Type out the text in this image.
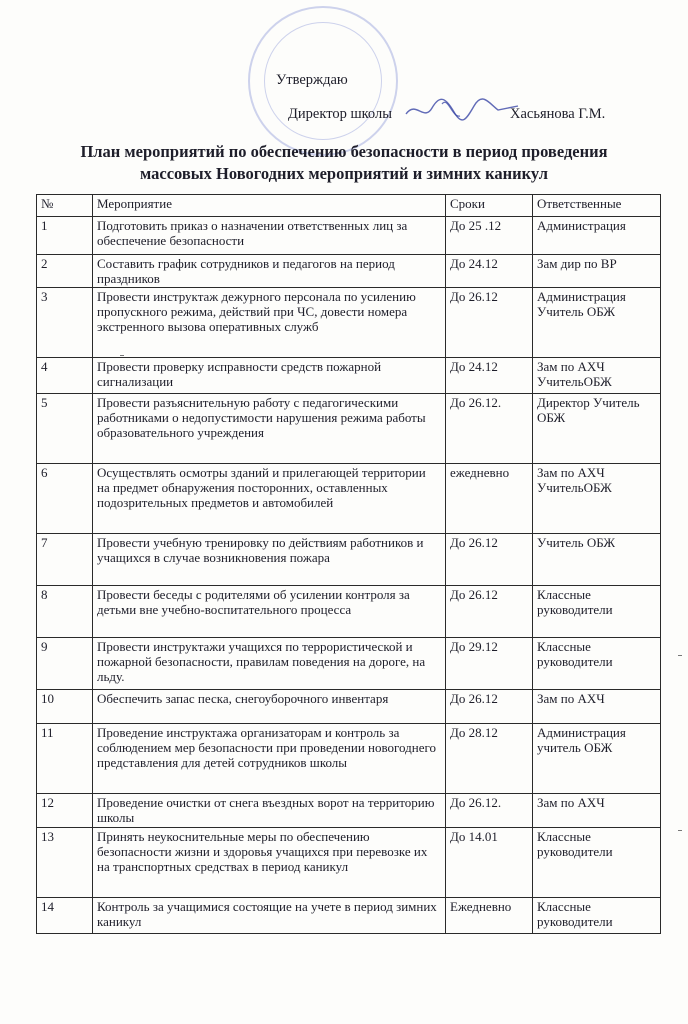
Утверждаю
Директор школы	Хасьянова Г.М.
План мероприятий по обеспечению безопасности в период проведения
массовых Новогодних мероприятий и зимних каникул
№	Мероприятие	Сроки	Ответственные
1	Подготовить приказ о назначении ответственных лиц за обеспечение безопасности	До 25 .12	Администрация
2	Составить график сотрудников и педагогов на период праздников	До 24.12	Зам дир по ВР
3	Провести инструктаж дежурного персонала по усилению пропускного режима, действий при ЧС, довести номера экстренного вызова оперативных служб	До 26.12	Администрация Учитель ОБЖ
4	Провести проверку исправности средств пожарной сигнализации	До 24.12	Зам по АХЧ УчительОБЖ
5	Провести разъяснительную работу с педагогическими работниками о недопустимости нарушения режима работы образовательного учреждения	До 26.12.	Директор Учитель ОБЖ
6	Осуществлять осмотры зданий и прилегающей территории на предмет обнаружения посторонних, оставленных подозрительных предметов и автомобилей	ежедневно	Зам по АХЧ УчительОБЖ
7	Провести учебную тренировку по действиям работников и учащихся в случае возникновения пожара	До 26.12	Учитель ОБЖ
8	Провести беседы с родителями об усилении контроля за детьми вне учебно-воспитательного процесса	До 26.12	Классные руководители
9	Провести инструктажи учащихся по террористической и пожарной безопасности, правилам поведения на дороге, на льду.	До 29.12	Классные руководители
10	Обеспечить запас песка, снегоуборочного инвентаря	До 26.12	Зам по АХЧ
11	Проведение инструктажа организаторам и контроль за соблюдением мер безопасности при проведении новогоднего представления для детей сотрудников школы	До 28.12	Администрация учитель ОБЖ
12	Проведение очистки от снега въездных ворот на территорию школы	До 26.12.	Зам по АХЧ
13	Принять неукоснительные меры по обеспечению безопасности жизни и здоровья учащихся при перевозке их на транспортных средствах в период каникул	До 14.01	Классные руководители
14	Контроль за учащимися состоящие на учете в период зимних каникул	Ежедневно	Классные руководители
